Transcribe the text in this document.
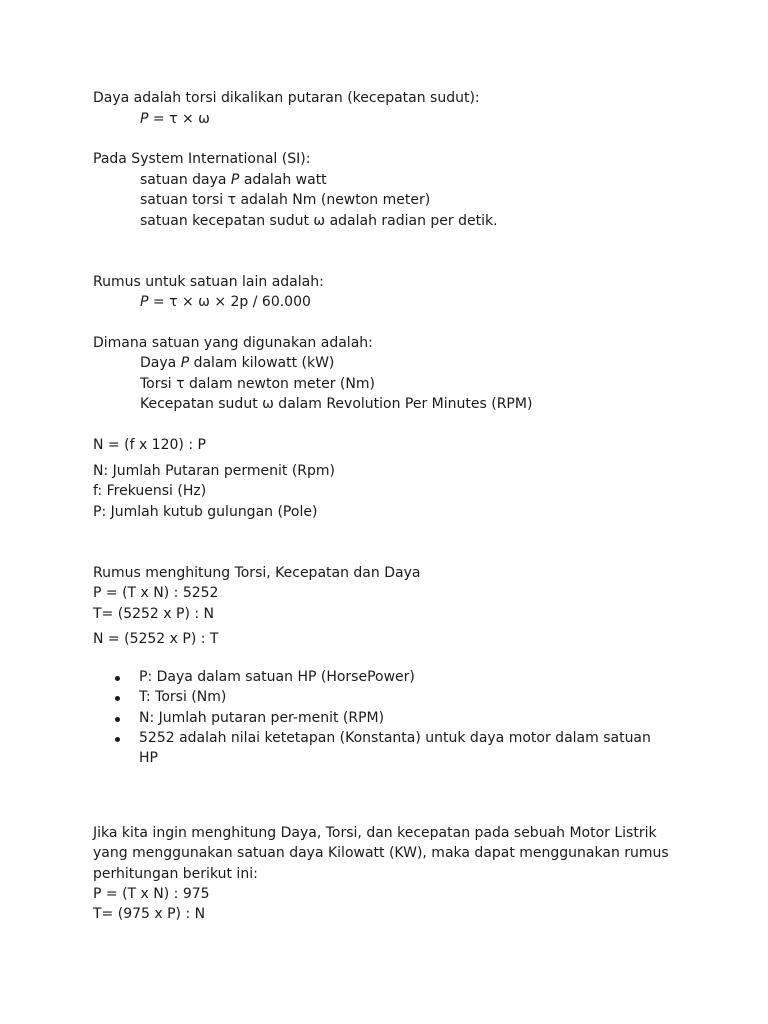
Daya adalah torsi dikalikan putaran (kecepatan sudut):
P = τ × ω
Pada System International (SI):
satuan daya P adalah watt
satuan torsi τ adalah Nm (newton meter)
satuan kecepatan sudut ω adalah radian per detik.
Rumus untuk satuan lain adalah:
P = τ × ω × 2p / 60.000
Dimana satuan yang digunakan adalah:
Daya P dalam kilowatt (kW)
Torsi τ dalam newton meter (Nm)
Kecepatan sudut ω dalam Revolution Per Minutes (RPM)
N = (f x 120) : P
N: Jumlah Putaran permenit (Rpm)
f: Frekuensi (Hz)
P: Jumlah kutub gulungan (Pole)
Rumus menghitung Torsi, Kecepatan dan Daya
P = (T x N) : 5252
T= (5252 x P) : N
N = (5252 x P) : T
P: Daya dalam satuan HP (HorsePower)
T: Torsi (Nm)
N: Jumlah putaran per-menit (RPM)
5252 adalah nilai ketetapan (Konstanta) untuk daya motor dalam satuan
HP
Jika kita ingin menghitung Daya, Torsi, dan kecepatan pada sebuah Motor Listrik
yang menggunakan satuan daya Kilowatt (KW), maka dapat menggunakan rumus
perhitungan berikut ini:
P = (T x N) : 975
T= (975 x P) : N
